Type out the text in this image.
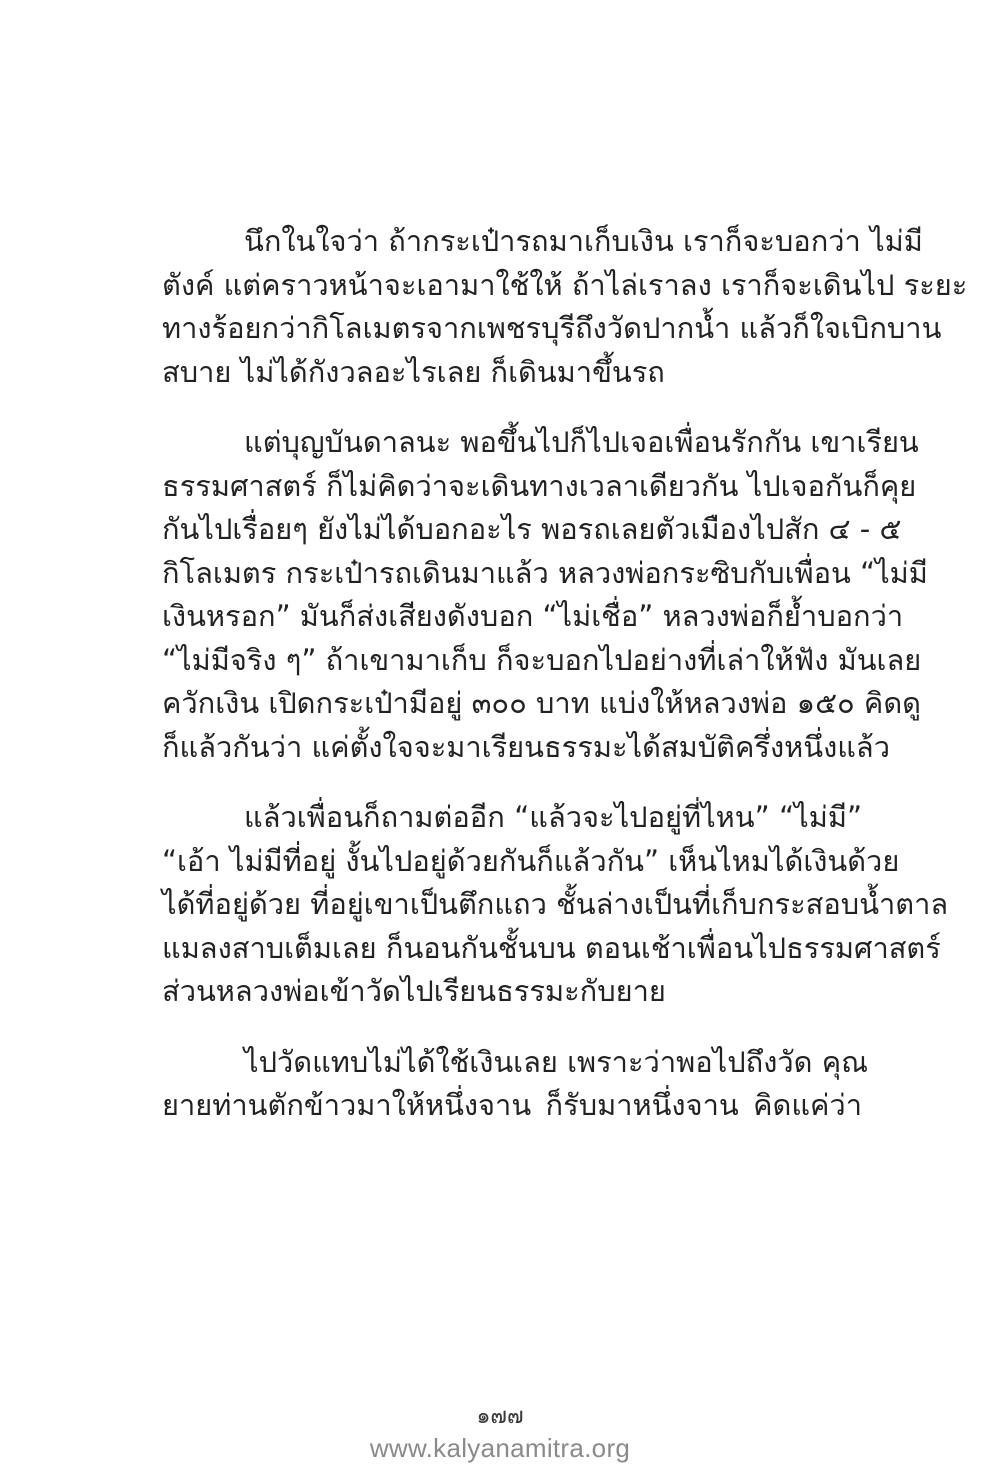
นึกในใจว่า ถ้ากระเป๋ารถมาเก็บเงิน เราก็จะบอกว่า ไม่มี
ตังค์ แต่คราวหน้าจะเอามาใช้ให้ ถ้าไล่เราลง เราก็จะเดินไป ระยะ
ทางร้อยกว่ากิโลเมตรจากเพชรบุรีถึงวัดปากน้ำ แล้วก็ใจเบิกบาน
สบาย ไม่ได้กังวลอะไรเลย ก็เดินมาขึ้นรถ

แต่บุญบันดาลนะ พอขึ้นไปก็ไปเจอเพื่อนรักกัน เขาเรียน
ธรรมศาสตร์ ก็ไม่คิดว่าจะเดินทางเวลาเดียวกัน ไปเจอกันก็คุย
กันไปเรื่อยๆ ยังไม่ได้บอกอะไร พอรถเลยตัวเมืองไปสัก ๔ - ๕
กิโลเมตร กระเป๋ารถเดินมาแล้ว หลวงพ่อกระซิบกับเพื่อน “ไม่มี
เงินหรอก” มันก็ส่งเสียงดังบอก “ไม่เชื่อ” หลวงพ่อก็ย้ำบอกว่า
“ไม่มีจริง ๆ” ถ้าเขามาเก็บ ก็จะบอกไปอย่างที่เล่าให้ฟัง มันเลย
ควักเงิน เปิดกระเป๋ามีอยู่ ๓๐๐ บาท แบ่งให้หลวงพ่อ ๑๕๐ คิดดู
ก็แล้วกันว่า แค่ตั้งใจจะมาเรียนธรรมะได้สมบัติครึ่งหนึ่งแล้ว

แล้วเพื่อนก็ถามต่ออีก “แล้วจะไปอยู่ที่ไหน” “ไม่มี”
“เอ้า ไม่มีที่อยู่ งั้นไปอยู่ด้วยกันก็แล้วกัน” เห็นไหมได้เงินด้วย
ได้ที่อยู่ด้วย ที่อยู่เขาเป็นตึกแถว ชั้นล่างเป็นที่เก็บกระสอบน้ำตาล
แมลงสาบเต็มเลย ก็นอนกันชั้นบน ตอนเช้าเพื่อนไปธรรมศาสตร์
ส่วนหลวงพ่อเข้าวัดไปเรียนธรรมะกับยาย

ไปวัดแทบไม่ได้ใช้เงินเลย เพราะว่าพอไปถึงวัด คุณ
ยายท่านตักข้าวมาให้หนึ่งจาน ก็รับมาหนึ่งจาน คิดแค่ว่า

๑๗๗
www.kalyanamitra.org
